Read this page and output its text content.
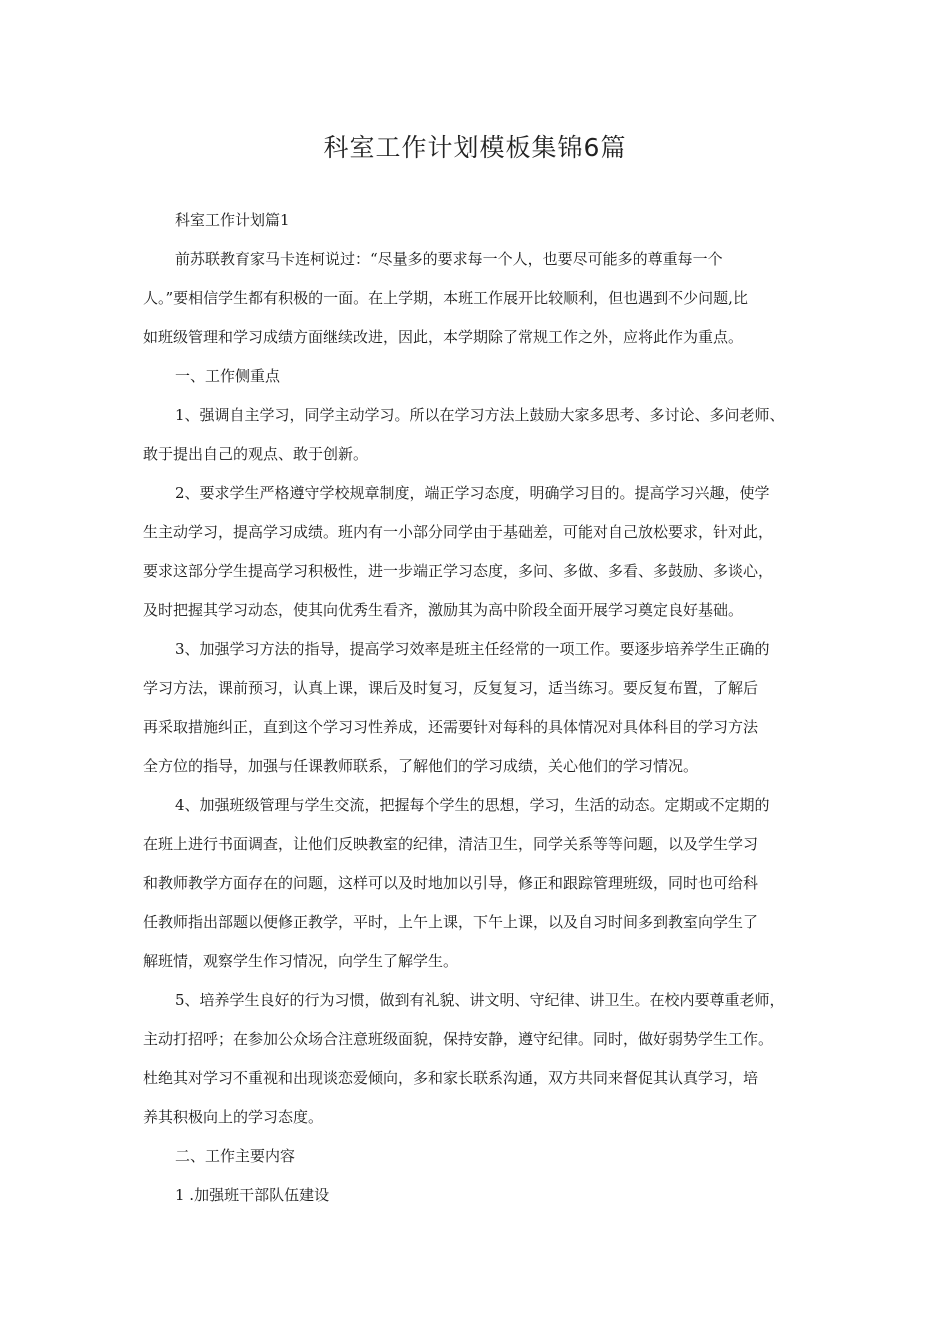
科室工作计划模板集锦6篇

科室工作计划篇1

前苏联教育家马卡连柯说过：“尽量多的要求每一个人，也要尽可能多的尊重每一个

人。”要相信学生都有积极的一面。在上学期，本班工作展开比较顺利，但也遇到不少问题,比

如班级管理和学习成绩方面继续改进，因此，本学期除了常规工作之外，应将此作为重点。

一、工作侧重点

1、强调自主学习，同学主动学习。所以在学习方法上鼓励大家多思考、多讨论、多问老师、

敢于提出自己的观点、敢于创新。

2、要求学生严格遵守学校规章制度，端正学习态度，明确学习目的。提高学习兴趣，使学

生主动学习，提高学习成绩。班内有一小部分同学由于基础差，可能对自己放松要求，针对此，

要求这部分学生提高学习积极性，进一步端正学习态度，多问、多做、多看、多鼓励、多谈心，

及时把握其学习动态，使其向优秀生看齐，激励其为高中阶段全面开展学习奠定良好基础。

3、加强学习方法的指导，提高学习效率是班主任经常的一项工作。要逐步培养学生正确的

学习方法，课前预习，认真上课，课后及时复习，反复复习，适当练习。要反复布置，了解后

再采取措施纠正，直到这个学习习性养成，还需要针对每科的具体情况对具体科目的学习方法

全方位的指导，加强与任课教师联系，了解他们的学习成绩，关心他们的学习情况。

4、加强班级管理与学生交流，把握每个学生的思想，学习，生活的动态。定期或不定期的

在班上进行书面调查，让他们反映教室的纪律，清洁卫生，同学关系等等问题，以及学生学习

和教师教学方面存在的问题，这样可以及时地加以引导，修正和跟踪管理班级，同时也可给科

任教师指出部题以便修正教学，平时，上午上课，下午上课，以及自习时间多到教室向学生了

解班情，观察学生作习情况，向学生了解学生。

5、培养学生良好的行为习惯，做到有礼貌、讲文明、守纪律、讲卫生。在校内要尊重老师，

主动打招呼；在参加公众场合注意班级面貌，保持安静，遵守纪律。同时，做好弱势学生工作。

杜绝其对学习不重视和出现谈恋爱倾向，多和家长联系沟通，双方共同来督促其认真学习，培

养其积极向上的学习态度。

二、工作主要内容

1 .加强班干部队伍建设
